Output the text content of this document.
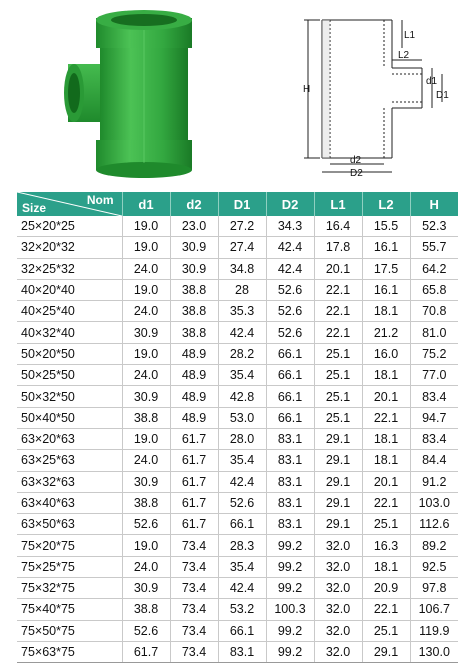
H
L1
L2
d1
D1
d2
D2
Nom
Size	d1	d2	D1	D2	L1	L2	H
25×20*25	19.0	23.0	27.2	34.3	16.4	15.5	52.3
32×20*32	19.0	30.9	27.4	42.4	17.8	16.1	55.7
32×25*32	24.0	30.9	34.8	42.4	20.1	17.5	64.2
40×20*40	19.0	38.8	28	52.6	22.1	16.1	65.8
40×25*40	24.0	38.8	35.3	52.6	22.1	18.1	70.8
40×32*40	30.9	38.8	42.4	52.6	22.1	21.2	81.0
50×20*50	19.0	48.9	28.2	66.1	25.1	16.0	75.2
50×25*50	24.0	48.9	35.4	66.1	25.1	18.1	77.0
50×32*50	30.9	48.9	42.8	66.1	25.1	20.1	83.4
50×40*50	38.8	48.9	53.0	66.1	25.1	22.1	94.7
63×20*63	19.0	61.7	28.0	83.1	29.1	18.1	83.4
63×25*63	24.0	61.7	35.4	83.1	29.1	18.1	84.4
63×32*63	30.9	61.7	42.4	83.1	29.1	20.1	91.2
63×40*63	38.8	61.7	52.6	83.1	29.1	22.1	103.0
63×50*63	52.6	61.7	66.1	83.1	29.1	25.1	112.6
75×20*75	19.0	73.4	28.3	99.2	32.0	16.3	89.2
75×25*75	24.0	73.4	35.4	99.2	32.0	18.1	92.5
75×32*75	30.9	73.4	42.4	99.2	32.0	20.9	97.8
75×40*75	38.8	73.4	53.2	100.3	32.0	22.1	106.7
75×50*75	52.6	73.4	66.1	99.2	32.0	25.1	119.9
75×63*75	61.7	73.4	83.1	99.2	32.0	29.1	130.0
